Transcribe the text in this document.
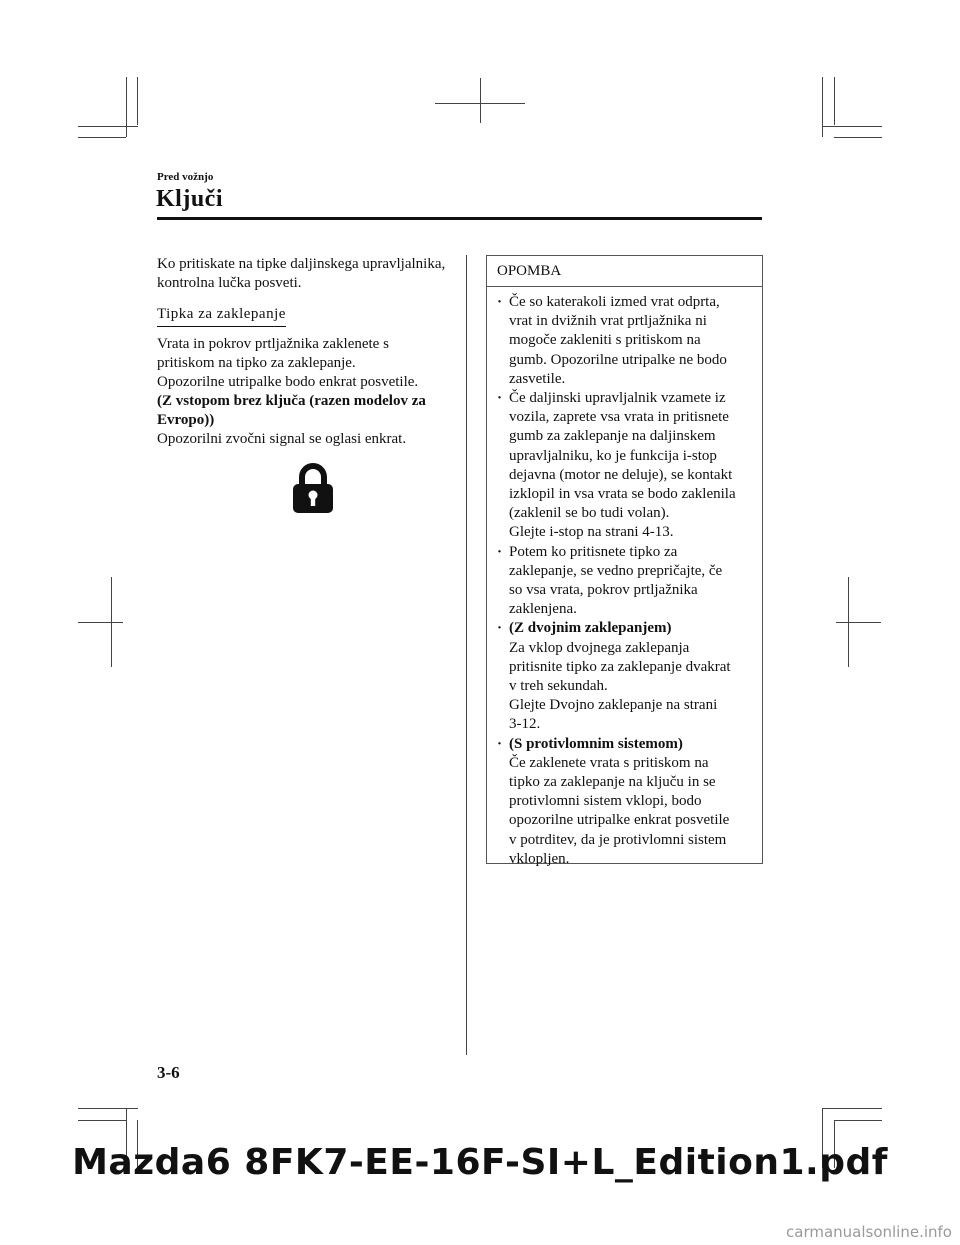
Pred vožnjo
Ključi

Ko pritiskate na tipke daljinskega upravljalnika, kontrolna lučka posveti.

Tipka za zaklepanje

Vrata in pokrov prtljažnika zaklenete s pritiskom na tipko za zaklepanje.

Opozorilne utripalke bodo enkrat posvetile.

(Z vstopom brez ključa (razen modelov za Evropo))

Opozorilni zvočni signal se oglasi enkrat.

OPOMBA
· Če so katerakoli izmed vrat odprta,
vrat in dvižnih vrat prtljažnika ni
mogoče zakleniti s pritiskom na
gumb. Opozorilne utripalke ne bodo
zasvetile.
· Če daljinski upravljalnik vzamete iz
vozila, zaprete vsa vrata in pritisnete
gumb za zaklepanje na daljinskem
upravljalniku, ko je funkcija i-stop
dejavna (motor ne deluje), se kontakt
izklopil in vsa vrata se bodo zaklenila
(zaklenil se bo tudi volan).
Glejte i-stop na strani 4-13.
· Potem ko pritisnete tipko za
zaklepanje, se vedno prepričajte, če
so vsa vrata, pokrov prtljažnika
zaklenjena.
· (Z dvojnim zaklepanjem)
Za vklop dvojnega zaklepanja
pritisnite tipko za zaklepanje dvakrat
v treh sekundah.
Glejte Dvojno zaklepanje na strani
3-12.
· (S protivlomnim sistemom)
Če zaklenete vrata s pritiskom na
tipko za zaklepanje na ključu in se
protivlomni sistem vklopi, bodo
opozorilne utripalke enkrat posvetile
v potrditev, da je protivlomni sistem
vklopljen.
3-6
Mazda6 8FK7-EE-16F-SI+L_Edition1.pdf
carmanualsonline.info
